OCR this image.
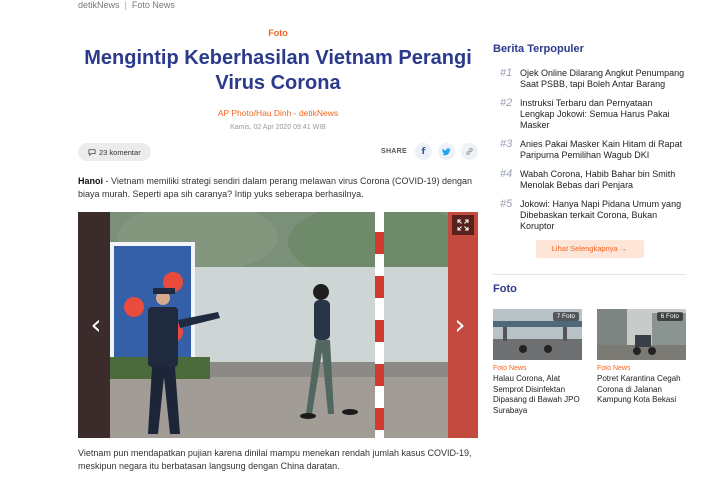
detikNews | Foto News
Foto
Mengintip Keberhasilan Vietnam Perangi Virus Corona
AP Photo/Hau Dinh - detikNews
Kamis, 02 Apr 2020 09:41 WIB
23 komentar	SHARE f

Hanoi - Vietnam memiliki strategi sendiri dalam perang melawan virus Corona (COVID-19) dengan biaya murah. Seperti apa sih caranya? Intip yuks seberapa berhasilnya.

‹	›

Vietnam pun mendapatkan pujian karena dinilai mampu menekan rendah jumlah kasus COVID-19, meskipun negara itu berbatasan langsung dengan China daratan.

Berita Terpopuler
#1 Ojek Online Dilarang Angkut Penumpang Saat PSBB, tapi Boleh Antar Barang
#2 Instruksi Terbaru dan Pernyataan Lengkap Jokowi: Semua Harus Pakai Masker
#3 Anies Pakai Masker Kain Hitam di Rapat Paripurna Pemilihan Wagub DKI
#4 Wabah Corona, Habib Bahar bin Smith Menolak Bebas dari Penjara
#5 Jokowi: Hanya Napi Pidana Umum yang Dibebaskan terkait Corona, Bukan Koruptor
Lihat Selengkapnya →
Foto
7 Foto
Foto News
Halau Corona, Alat Semprot Disinfektan Dipasang di Bawah JPO Surabaya
6 Foto
Foto News
Potret Karantina Cegah Corona di Jalanan Kampung Kota Bekasi
